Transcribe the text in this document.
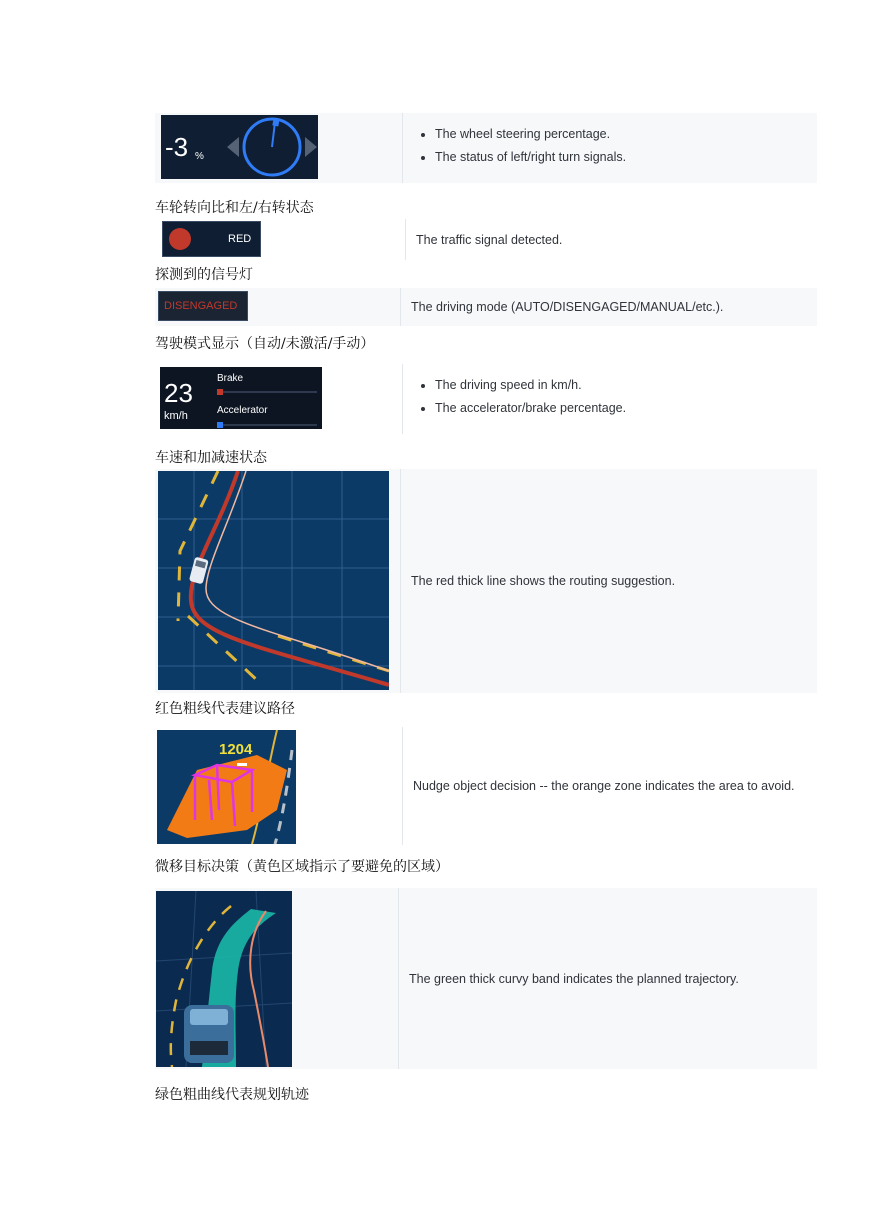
-3 %
• The wheel steering percentage.
• The status of left/right turn signals.
车轮转向比和左/右转状态
RED	The traffic signal detected.
探测到的信号灯
DISENGAGED	The driving mode (AUTO/DISENGAGED/MANUAL/etc.).
驾驶模式显示（自动/未激活/手动）
23
km/h
Brake
Accelerator
• The driving speed in km/h.
• The accelerator/brake percentage.
车速和加减速状态
The red thick line shows the routing suggestion.
红色粗线代表建议路径
1204
Nudge object decision -- the orange zone indicates the area to avoid.
微移目标决策（黄色区域指示了要避免的区域）
The green thick curvy band indicates the planned trajectory.
绿色粗曲线代表规划轨迹
